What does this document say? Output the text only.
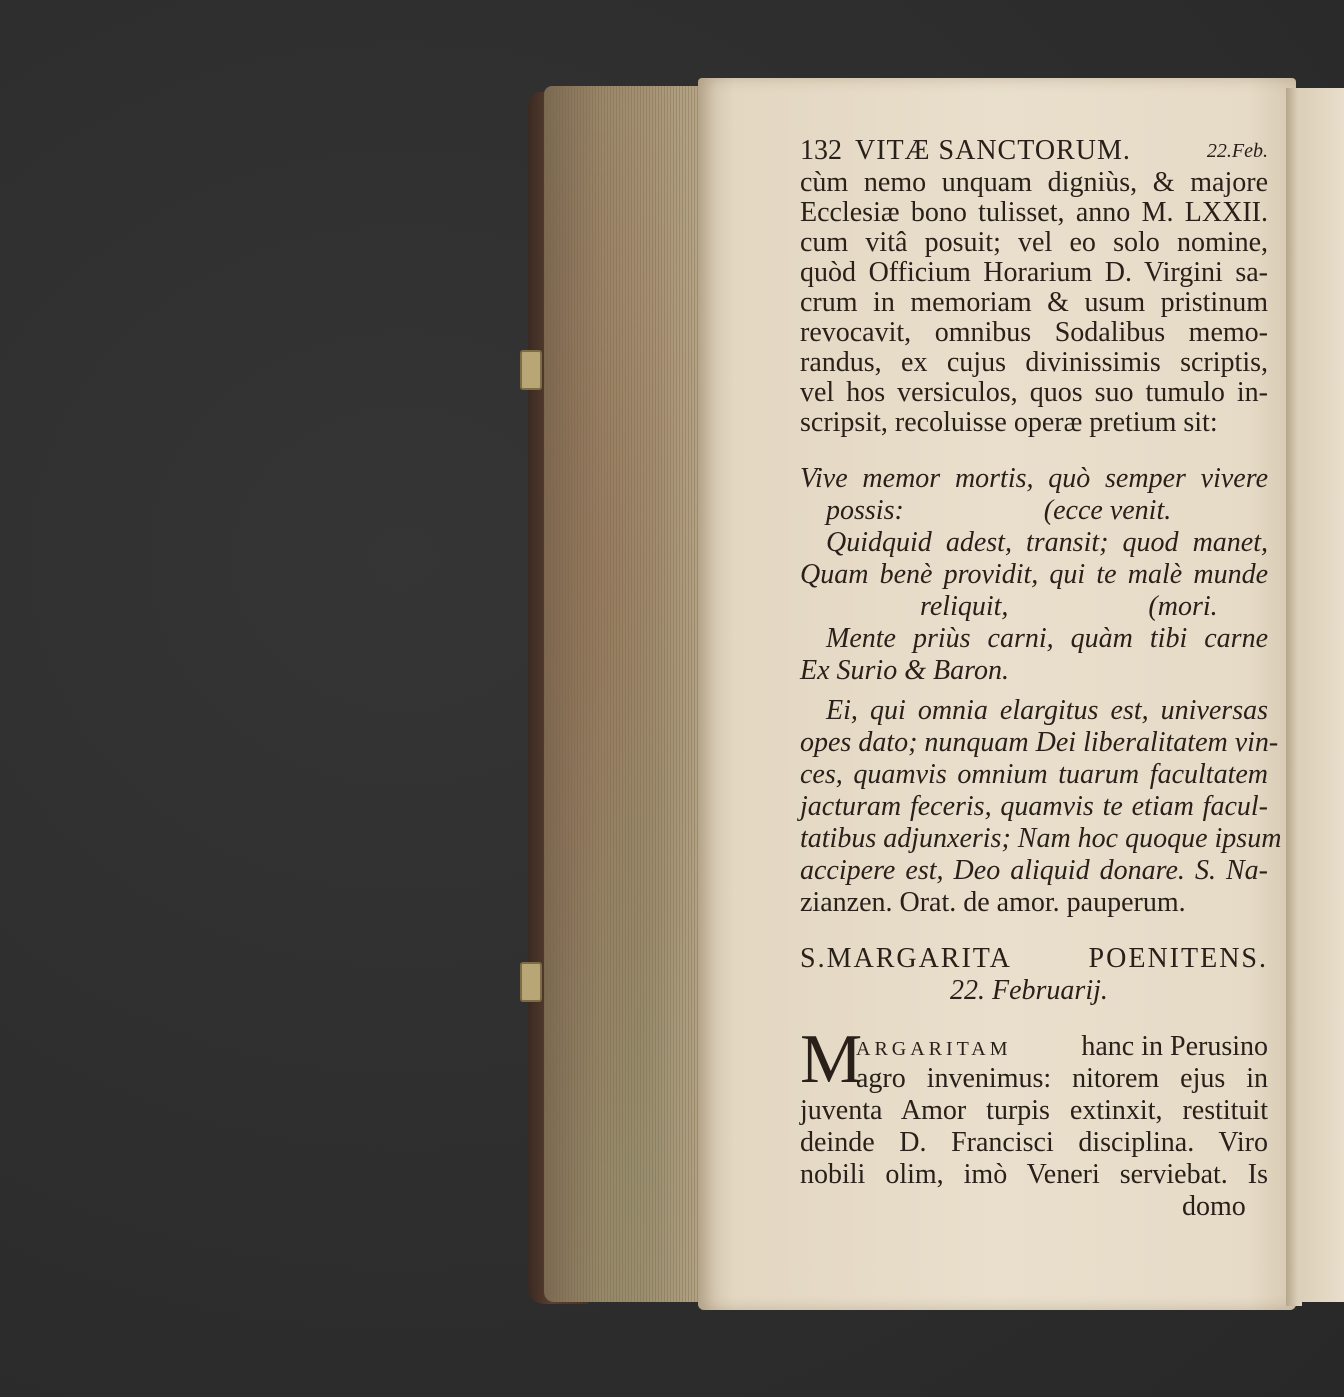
132 VITÆ SANCTORUM.	22.Feb.
cùm nemo unquam digniùs, & majore
Ecclesiæ bono tulisset, anno M. LXXII.
cum vitâ posuit; vel eo solo nomine,
quòd Officium Horarium D. Virgini sa-
crum in memoriam & usum pristinum
revocavit, omnibus Sodalibus memo-
randus, ex cujus divinissimis scriptis,
vel hos versiculos, quos suo tumulo in-
scripsit, recoluisse operæ pretium sit:
Vive memor mortis, quò semper vivere
possis:                    (ecce venit.
Quidquid adest, transit; quod manet,
Quam benè providit, qui te malè munde
reliquit,                    (mori.
Mente priùs carni, quàm tibi carne
Ex Surio & Baron.
Ei, qui omnia elargitus est, universas
opes dato; nunquam Dei liberalitatem vin-
ces, quamvis omnium tuarum facultatem
jacturam feceris, quamvis te etiam facul-
tatibus adjunxeris; Nam hoc quoque ipsum
accipere est, Deo aliquid donare. S. Na-
zianzen. Orat. de amor. pauperum.
S.MARGARITA POENITENS.
22. Februarij.
M
ARGARITAM hanc in Perusino
agro invenimus: nitorem ejus in
juventa Amor turpis extinxit, restituit
deinde D. Francisci disciplina. Viro
nobili olim, imò Veneri serviebat. Is
domo
